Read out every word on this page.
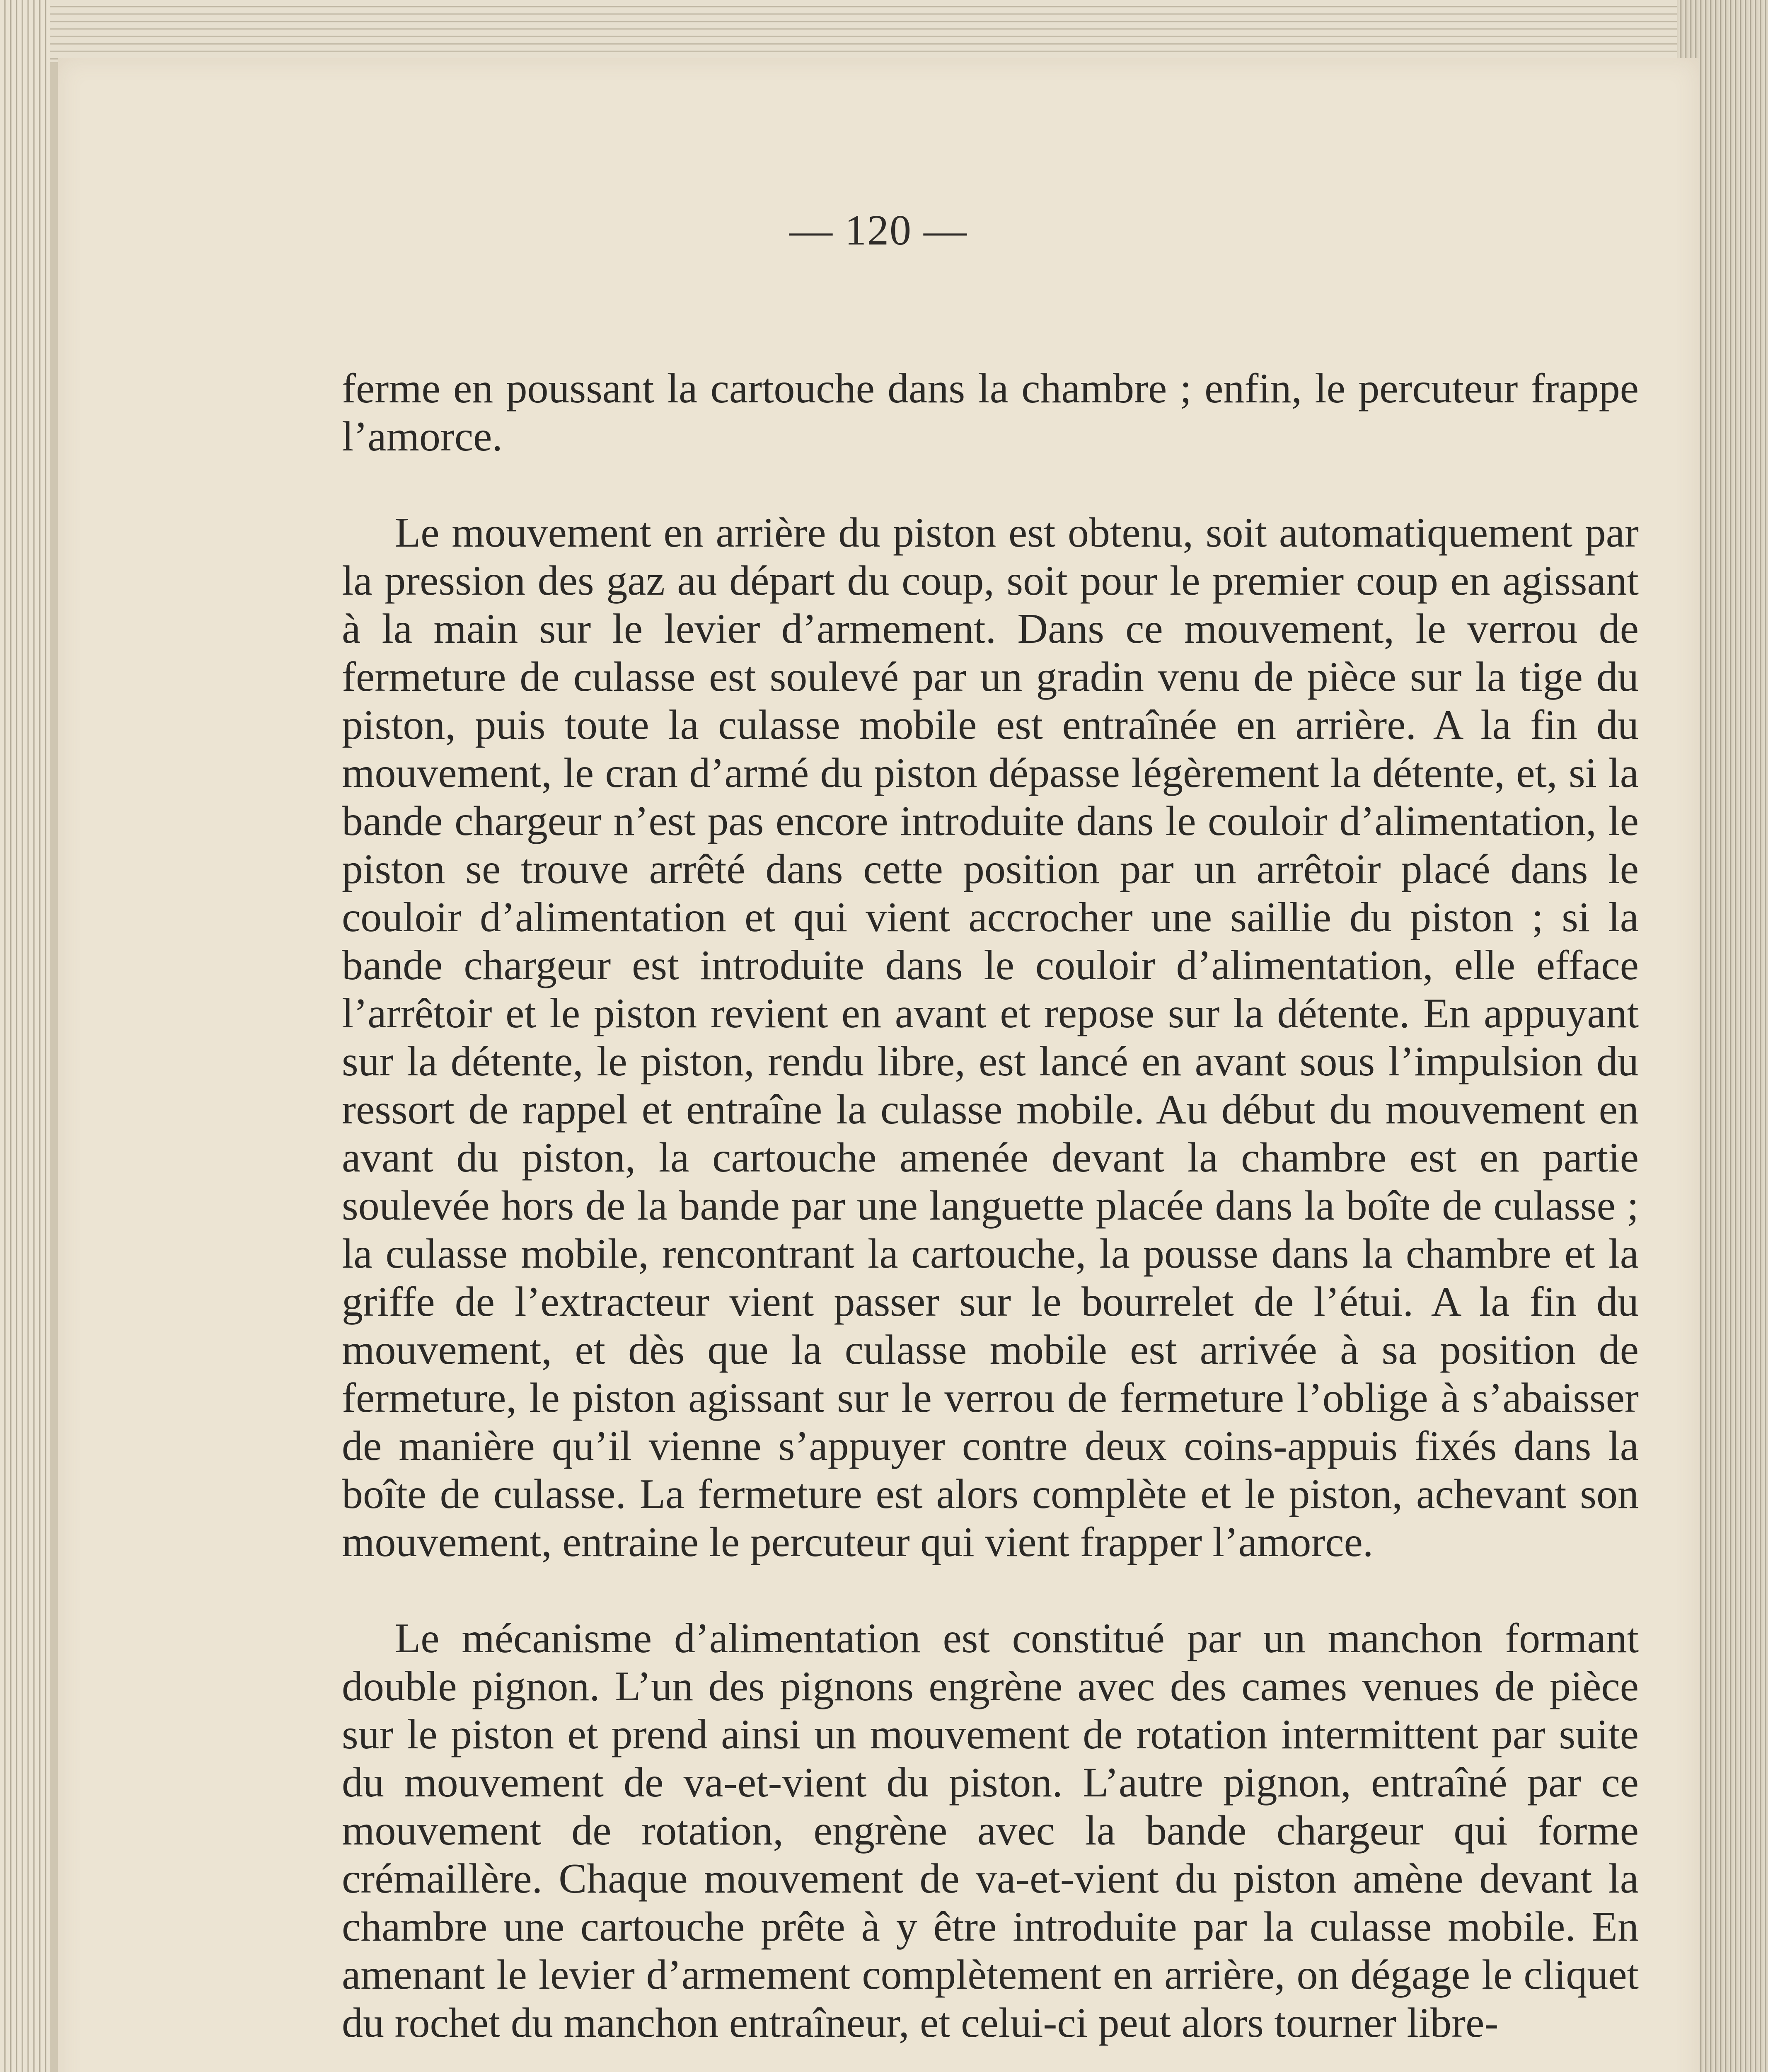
— 120 —

ferme en poussant la cartouche dans la chambre ; enfin, le percuteur frappe l’amorce.

Le mouvement en arrière du piston est obtenu, soit automatiquement par la pression des gaz au départ du coup, soit pour le premier coup en agissant à la main sur le levier d’armement. Dans ce mouvement, le verrou de fermeture de culasse est soulevé par un gradin venu de pièce sur la tige du piston, puis toute la culasse mobile est entraînée en arrière. A la fin du mouvement, le cran d’armé du piston dépasse légèrement la détente, et, si la bande chargeur n’est pas encore introduite dans le couloir d’alimentation, le piston se trouve arrêté dans cette position par un arrêtoir placé dans le couloir d’alimentation et qui vient accrocher une saillie du piston ; si la bande chargeur est introduite dans le couloir d’alimentation, elle efface l’arrêtoir et le piston revient en avant et repose sur la détente. En appuyant sur la détente, le piston, rendu libre, est lancé en avant sous l’impulsion du ressort de rappel et entraîne la culasse mobile. Au début du mouvement en avant du piston, la cartouche amenée devant la chambre est en partie soulevée hors de la bande par une languette placée dans la boîte de culasse ; la culasse mobile, rencontrant la cartouche, la pousse dans la chambre et la griffe de l’extracteur vient passer sur le bourrelet de l’étui. A la fin du mouvement, et dès que la culasse mobile est arrivée à sa position de fermeture, le piston agissant sur le verrou de fermeture l’oblige à s’abaisser de manière qu’il vienne s’appuyer contre deux coins-appuis fixés dans la boîte de culasse. La fermeture est alors complète et le piston, achevant son mouvement, entraine le percuteur qui vient frapper l’amorce.

Le mécanisme d’alimentation est constitué par un manchon formant double pignon. L’un des pignons engrène avec des cames venues de pièce sur le piston et prend ainsi un mouvement de rotation intermittent par suite du mouvement de va-et-vient du piston. L’autre pignon, entraîné par ce mouvement de rotation, engrène avec la bande chargeur qui forme crémaillère. Chaque mouvement de va-et-vient du piston amène devant la chambre une cartouche prête à y être introduite par la culasse mobile. En amenant le levier d’armement complètement en arrière, on dégage le cliquet du rochet du manchon entraîneur, et celui-ci peut alors tourner libre-
